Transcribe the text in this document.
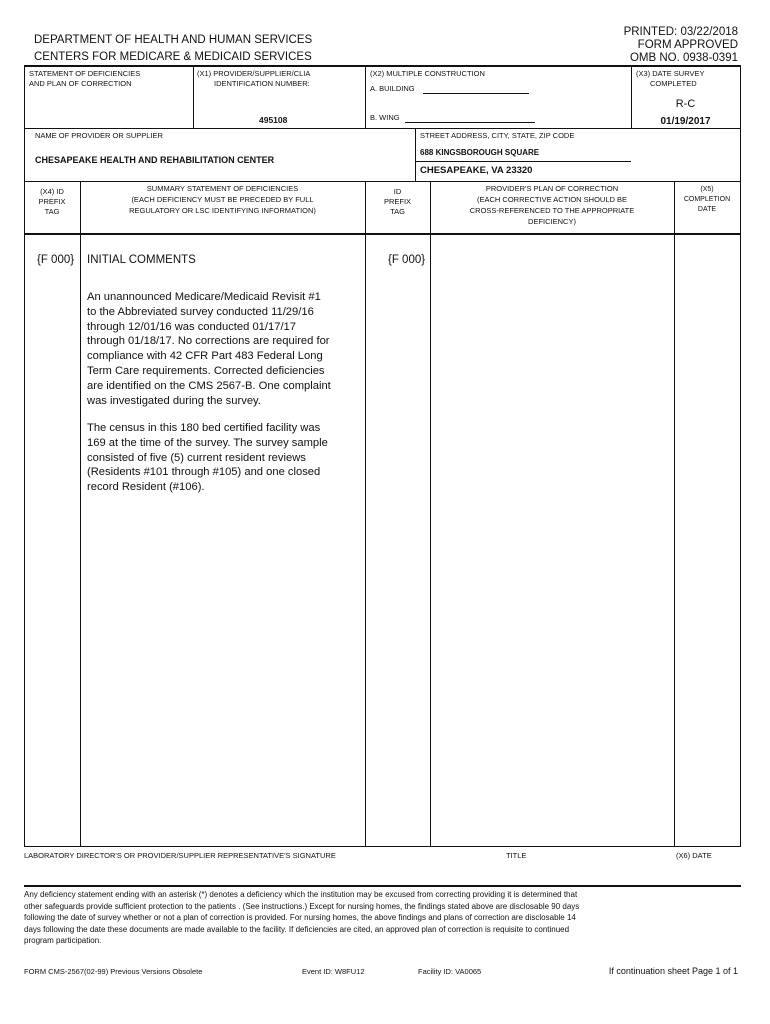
PRINTED: 03/22/2018
FORM APPROVED
OMB NO. 0938-0391
DEPARTMENT OF HEALTH AND HUMAN SERVICES
CENTERS FOR MEDICARE & MEDICAID SERVICES
STATEMENT OF DEFICIENCIES
AND PLAN OF CORRECTION
(X1) PROVIDER/SUPPLIER/CLIA
IDENTIFICATION NUMBER:
495108
(X2) MULTIPLE CONSTRUCTION
A. BUILDING
B. WING
(X3) DATE SURVEY
COMPLETED
R-C
01/19/2017
NAME OF PROVIDER OR SUPPLIER
CHESAPEAKE HEALTH AND REHABILITATION CENTER
STREET ADDRESS, CITY, STATE, ZIP CODE
688 KINGSBOROUGH SQUARE
CHESAPEAKE, VA 23320
(X4) ID
PREFIX
TAG
SUMMARY STATEMENT OF DEFICIENCIES
(EACH DEFICIENCY MUST BE PRECEDED BY FULL
REGULATORY OR LSC IDENTIFYING INFORMATION)
ID
PREFIX
TAG
PROVIDER'S PLAN OF CORRECTION
(EACH CORRECTIVE ACTION SHOULD BE
CROSS-REFERENCED TO THE APPROPRIATE
DEFICIENCY)
(X5)
COMPLETION
DATE
{F 000} INITIAL COMMENTS	{F 000}
An unannounced Medicare/Medicaid Revisit #1
to the Abbreviated survey conducted 11/29/16
through 12/01/16 was conducted 01/17/17
through 01/18/17. No corrections are required for
compliance with 42 CFR Part 483 Federal Long
Term Care requirements. Corrected deficiencies
are identified on the CMS 2567-B. One complaint
was investigated during the survey.
The census in this 180 bed certified facility was
169 at the time of the survey. The survey sample
consisted of five (5) current resident reviews
(Residents #101 through #105) and one closed
record Resident (#106).
LABORATORY DIRECTOR'S OR PROVIDER/SUPPLIER REPRESENTATIVE'S SIGNATURE	TITLE	(X6) DATE
Any deficiency statement ending with an asterisk (*) denotes a deficiency which the institution may be excused from correcting providing it is determined that
other safeguards provide sufficient protection to the patients . (See instructions.) Except for nursing homes, the findings stated above are disclosable 90 days
following the date of survey whether or not a plan of correction is provided. For nursing homes, the above findings and plans of correction are disclosable 14
days following the date these documents are made available to the facility. If deficiencies are cited, an approved plan of correction is requisite to continued
program participation.
FORM CMS-2567(02-99) Previous Versions Obsolete	Event ID: W8FU12	Facility ID: VA0065	If continuation sheet Page 1 of 1
